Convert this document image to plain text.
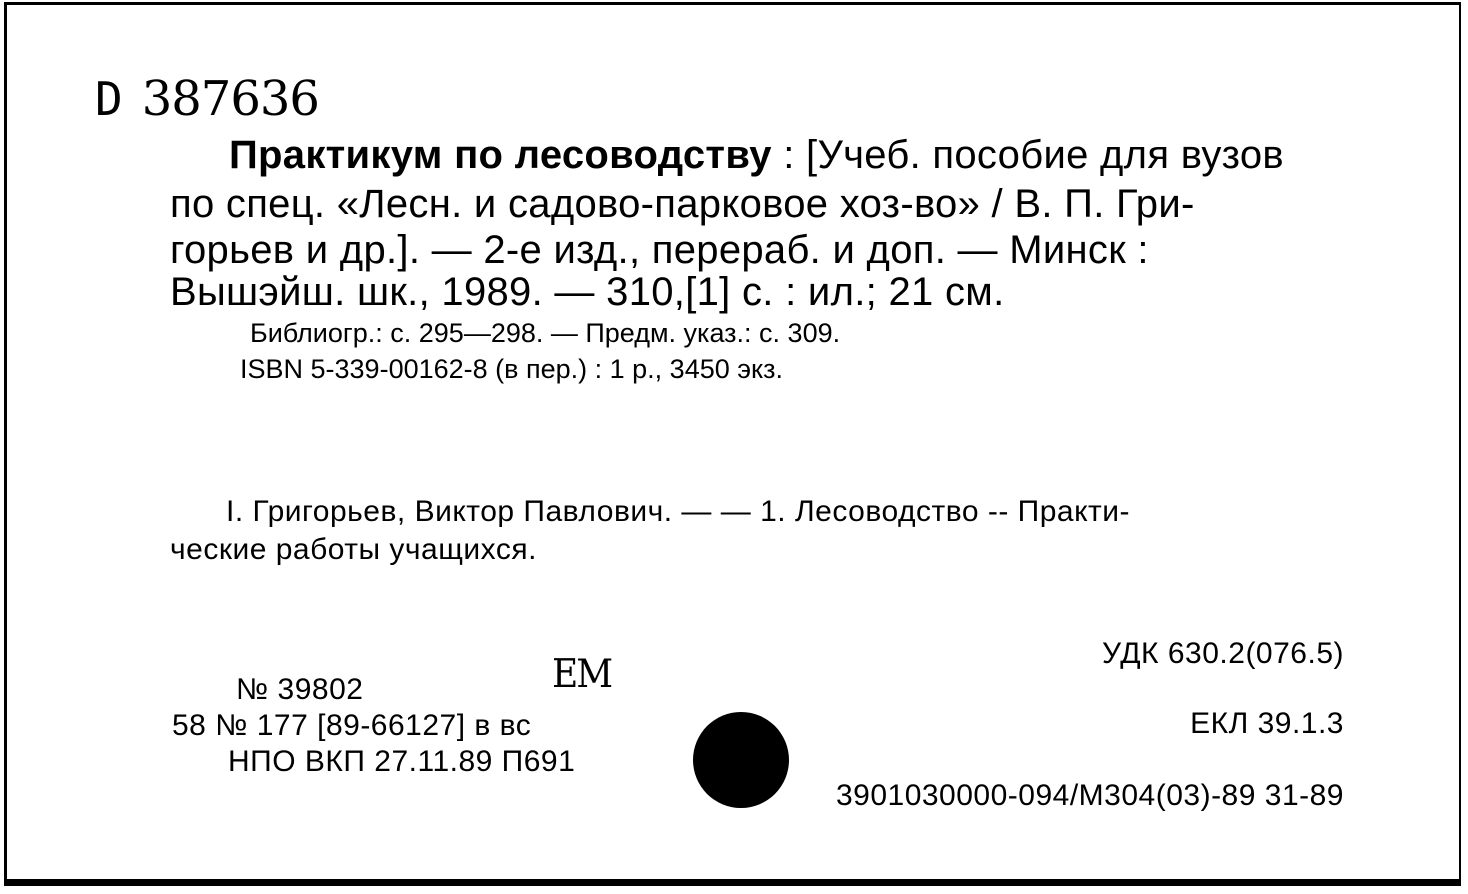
D 387636
Практикум по лесоводству : [Учеб. пособие для вузов
по спец. «Лесн. и садово-парковое хоз-во» / В. П. Гри-
горьев и др.]. — 2-е изд., перераб. и доп. — Минск :
Вышэйш. шк., 1989. — 310,[1] с. : ил.; 21 см.
Библиогр.: с. 295—298. — Предм. указ.: с. 309.
ISBN 5-339-00162-8 (в пер.) : 1 р., 3450 экз.
I. Григорьев, Виктор Павлович. — — 1. Лесоводство -- Практи-
ческие работы учащихся.
УДК 630.2(076.5)
ЕКЛ 39.1.3
№ 39802	ЕМ
58 № 177 [89-66127] в вс
НПО ВКП 27.11.89 П691
3901030000-094/М304(03)-89 31-89
